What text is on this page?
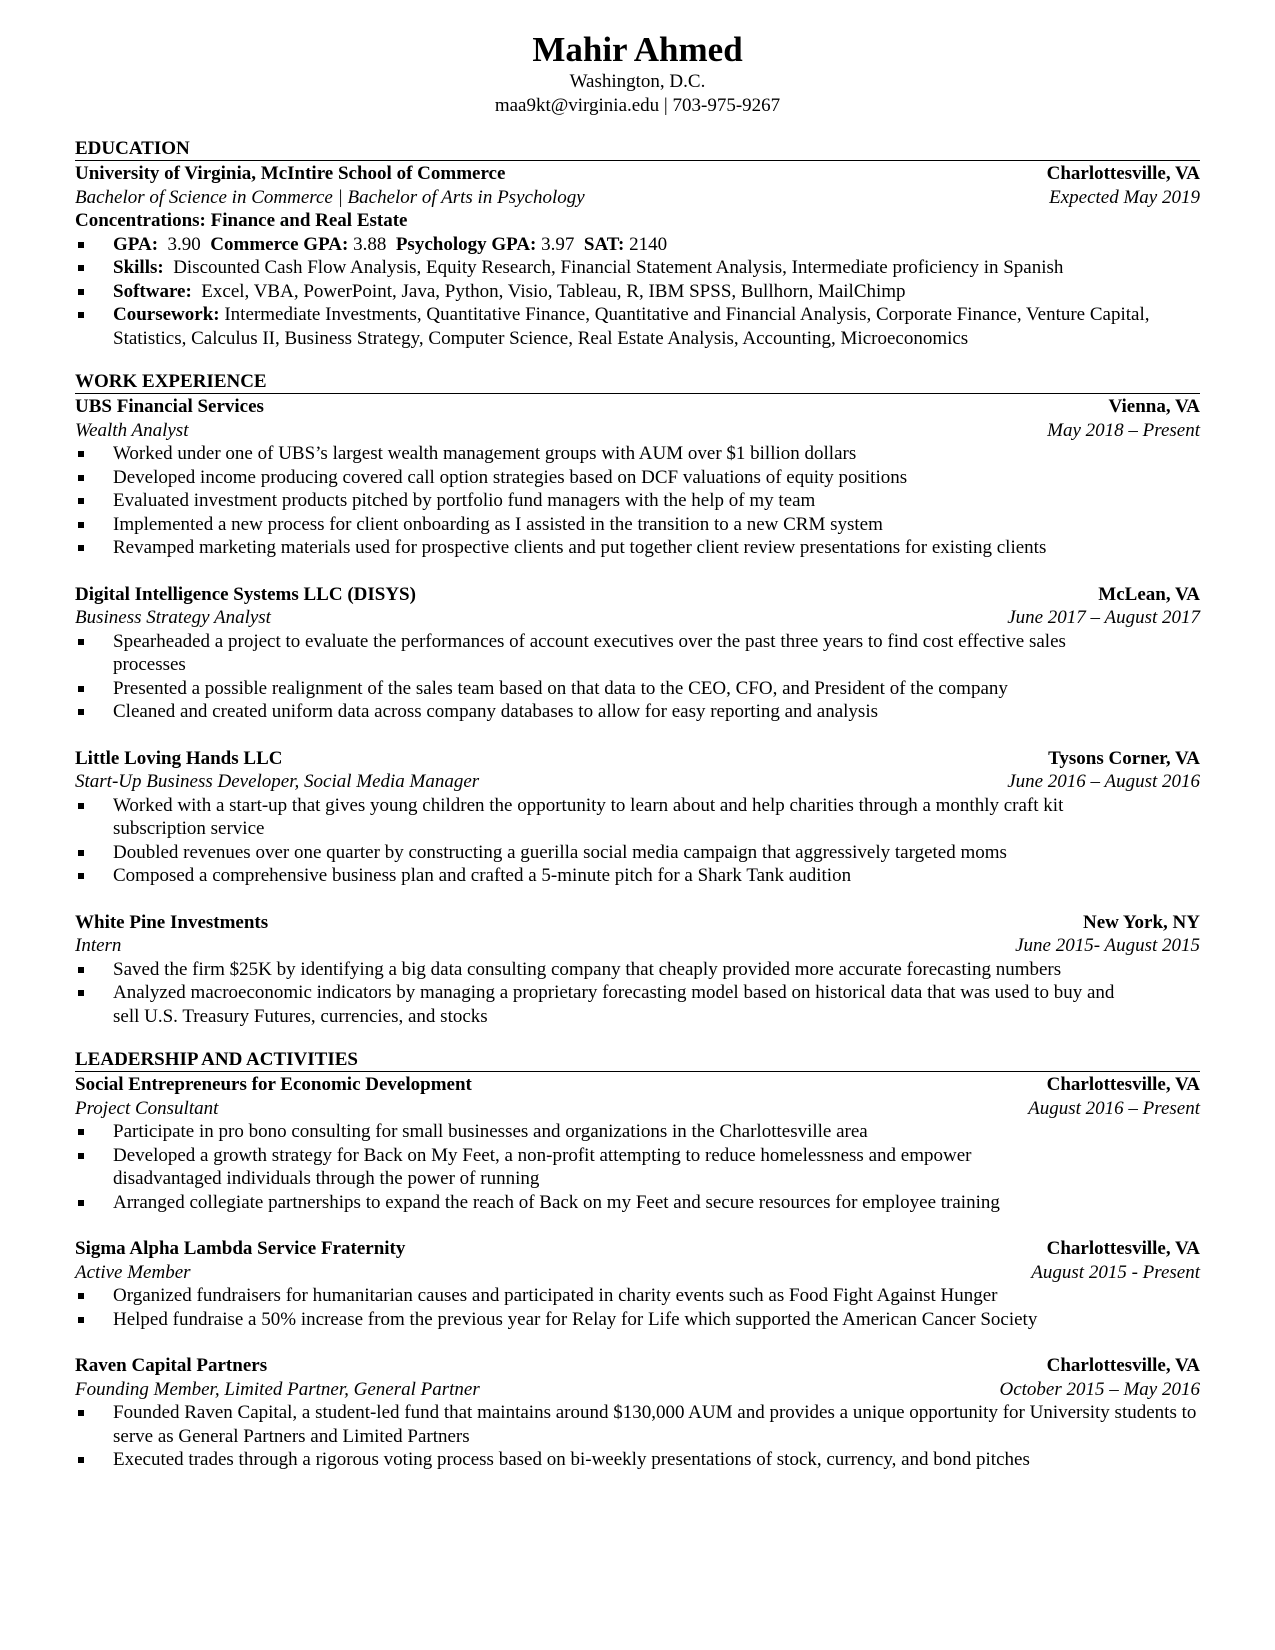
Mahir Ahmed

Washington, D.C.

maa9kt@virginia.edu | 703-975-9267

EDUCATION
University of Virginia, McIntire School of Commerce	Charlottesville, VA
Bachelor of Science in Commerce | Bachelor of Arts in Psychology	Expected May 2019
Concentrations: Finance and Real Estate
GPA: 3.90 Commerce GPA: 3.88 Psychology GPA: 3.97 SAT: 2140
Skills: Discounted Cash Flow Analysis, Equity Research, Financial Statement Analysis, Intermediate proficiency in Spanish
Software: Excel, VBA, PowerPoint, Java, Python, Visio, Tableau, R, IBM SPSS, Bullhorn, MailChimp
Coursework: Intermediate Investments, Quantitative Finance, Quantitative and Financial Analysis, Corporate Finance, Venture Capital, Statistics, Calculus II, Business Strategy, Computer Science, Real Estate Analysis, Accounting, Microeconomics
WORK EXPERIENCE
UBS Financial Services	Vienna, VA
Wealth Analyst	May 2018 – Present
Worked under one of UBS’s largest wealth management groups with AUM over $1 billion dollars
Developed income producing covered call option strategies based on DCF valuations of equity positions
Evaluated investment products pitched by portfolio fund managers with the help of my team
Implemented a new process for client onboarding as I assisted in the transition to a new CRM system
Revamped marketing materials used for prospective clients and put together client review presentations for existing clients
Digital Intelligence Systems LLC (DISYS)	McLean, VA
Business Strategy Analyst	June 2017 – August 2017
Spearheaded a project to evaluate the performances of account executives over the past three years to find cost effective sales processes
Presented a possible realignment of the sales team based on that data to the CEO, CFO, and President of the company
Cleaned and created uniform data across company databases to allow for easy reporting and analysis
Little Loving Hands LLC	Tysons Corner, VA
Start-Up Business Developer, Social Media Manager	June 2016 – August 2016
Worked with a start-up that gives young children the opportunity to learn about and help charities through a monthly craft kit subscription service
Doubled revenues over one quarter by constructing a guerilla social media campaign that aggressively targeted moms
Composed a comprehensive business plan and crafted a 5-minute pitch for a Shark Tank audition
White Pine Investments	New York, NY
Intern	June 2015- August 2015
Saved the firm $25K by identifying a big data consulting company that cheaply provided more accurate forecasting numbers
Analyzed macroeconomic indicators by managing a proprietary forecasting model based on historical data that was used to buy and sell U.S. Treasury Futures, currencies, and stocks
LEADERSHIP AND ACTIVITIES
Social Entrepreneurs for Economic Development	Charlottesville, VA
Project Consultant	August 2016 – Present
Participate in pro bono consulting for small businesses and organizations in the Charlottesville area
Developed a growth strategy for Back on My Feet, a non-profit attempting to reduce homelessness and empower disadvantaged individuals through the power of running
Arranged collegiate partnerships to expand the reach of Back on my Feet and secure resources for employee training
Sigma Alpha Lambda Service Fraternity	Charlottesville, VA
Active Member	August 2015 - Present
Organized fundraisers for humanitarian causes and participated in charity events such as Food Fight Against Hunger
Helped fundraise a 50% increase from the previous year for Relay for Life which supported the American Cancer Society
Raven Capital Partners	Charlottesville, VA
Founding Member, Limited Partner, General Partner	October 2015 – May 2016
Founded Raven Capital, a student-led fund that maintains around $130,000 AUM and provides a unique opportunity for University students to serve as General Partners and Limited Partners
Executed trades through a rigorous voting process based on bi-weekly presentations of stock, currency, and bond pitches
